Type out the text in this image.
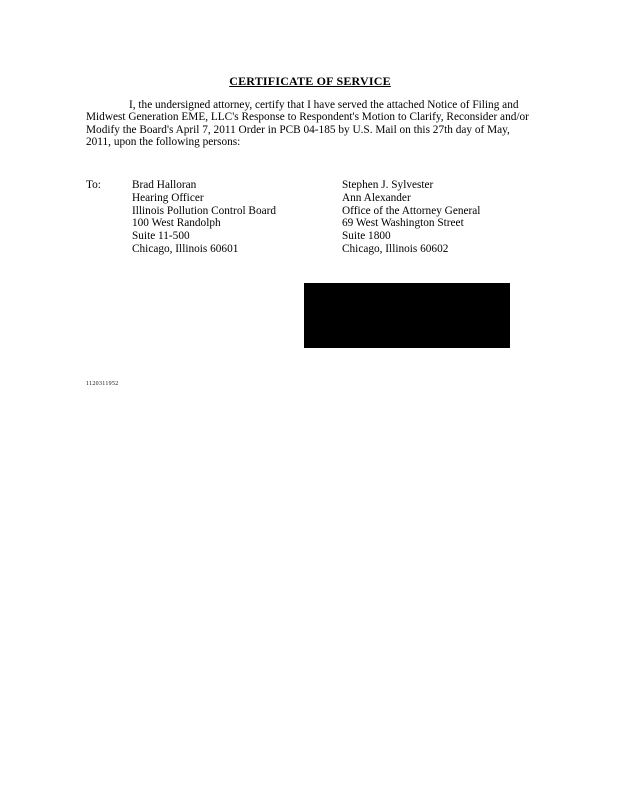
CERTIFICATE OF SERVICE
I, the undersigned attorney, certify that I have served the attached Notice of Filing and Midwest Generation EME, LLC's Response to Respondent's Motion to Clarify, Reconsider and/or Modify the Board's April 7, 2011 Order in PCB 04-185 by U.S. Mail on this 27th day of May, 2011, upon the following persons:
To:	Brad Halloran
Hearing Officer
Illinois Pollution Control Board
100 West Randolph
Suite 11-500
Chicago, Illinois 60601
Stephen J. Sylvester
Ann Alexander
Office of the Attorney General
69 West Washington Street
Suite 1800
Chicago, Illinois 60602
1120311952
